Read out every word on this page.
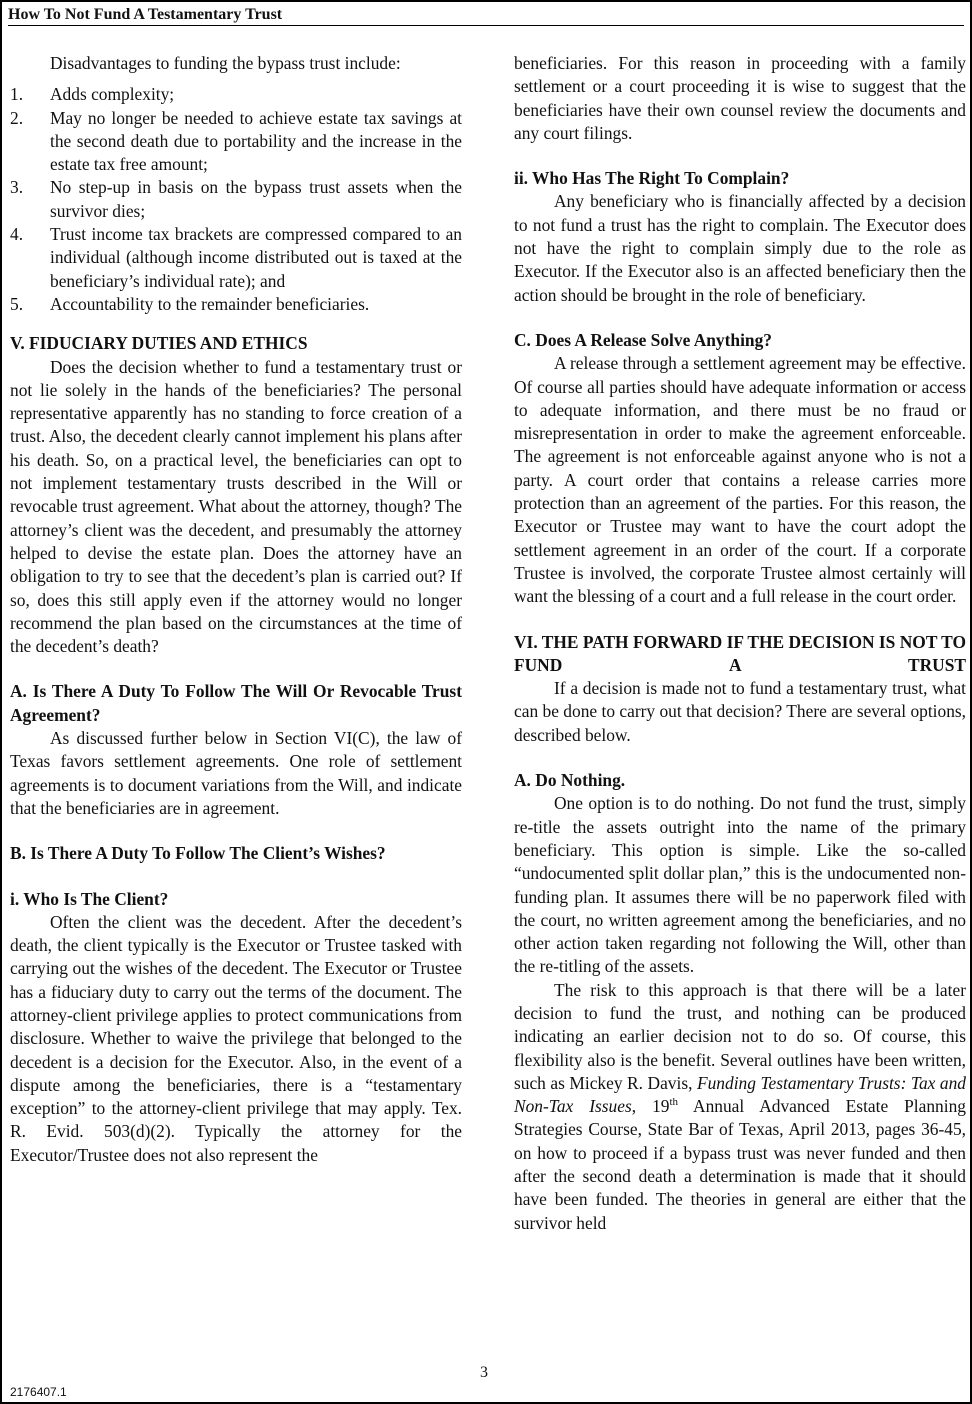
How To Not Fund A Testamentary Trust

Disadvantages to funding the bypass trust include:

1. Adds complexity;
2. May no longer be needed to achieve estate tax savings at the second death due to portability and the increase in the estate tax free amount;
3. No step-up in basis on the bypass trust assets when the survivor dies;
4. Trust income tax brackets are compressed compared to an individual (although income distributed out is taxed at the beneficiary’s individual rate); and
5. Accountability to the remainder beneficiaries.
V. FIDUCIARY DUTIES AND ETHICS

Does the decision whether to fund a testamentary trust or not lie solely in the hands of the beneficiaries? The personal representative apparently has no standing to force creation of a trust. Also, the decedent clearly cannot implement his plans after his death. So, on a practical level, the beneficiaries can opt to not implement testamentary trusts described in the Will or revocable trust agreement. What about the attorney, though? The attorney’s client was the decedent, and presumably the attorney helped to devise the estate plan. Does the attorney have an obligation to try to see that the decedent’s plan is carried out? If so, does this still apply even if the attorney would no longer recommend the plan based on the circumstances at the time of the decedent’s death?

A. Is There A Duty To Follow The Will Or Revocable Trust Agreement?

As discussed further below in Section VI(C), the law of Texas favors settlement agreements. One role of settlement agreements is to document variations from the Will, and indicate that the beneficiaries are in agreement.

B. Is There A Duty To Follow The Client’s Wishes?
i. Who Is The Client?

Often the client was the decedent. After the decedent’s death, the client typically is the Executor or Trustee tasked with carrying out the wishes of the decedent. The Executor or Trustee has a fiduciary duty to carry out the terms of the document. The attorney-client privilege applies to protect communications from disclosure. Whether to waive the privilege that belonged to the decedent is a decision for the Executor. Also, in the event of a dispute among the beneficiaries, there is a “testamentary exception” to the attorney-client privilege that may apply. Tex. R. Evid. 503(d)(2). Typically the attorney for the Executor/Trustee does not also represent the

beneficiaries. For this reason in proceeding with a family settlement or a court proceeding it is wise to suggest that the beneficiaries have their own counsel review the documents and any court filings.

ii. Who Has The Right To Complain?

Any beneficiary who is financially affected by a decision to not fund a trust has the right to complain. The Executor does not have the right to complain simply due to the role as Executor. If the Executor also is an affected beneficiary then the action should be brought in the role of beneficiary.

C. Does A Release Solve Anything?

A release through a settlement agreement may be effective. Of course all parties should have adequate information or access to adequate information, and there must be no fraud or misrepresentation in order to make the agreement enforceable. The agreement is not enforceable against anyone who is not a party. A court order that contains a release carries more protection than an agreement of the parties. For this reason, the Executor or Trustee may want to have the court adopt the settlement agreement in an order of the court. If a corporate Trustee is involved, the corporate Trustee almost certainly will want the blessing of a court and a full release in the court order.

VI. THE PATH FORWARD IF THE DECISION IS NOT TO FUND A TRUST

If a decision is made not to fund a testamentary trust, what can be done to carry out that decision? There are several options, described below.

A. Do Nothing.

One option is to do nothing. Do not fund the trust, simply re-title the assets outright into the name of the primary beneficiary. This option is simple. Like the so-called “undocumented split dollar plan,” this is the undocumented non-funding plan. It assumes there will be no paperwork filed with the court, no written agreement among the beneficiaries, and no other action taken regarding not following the Will, other than the re-titling of the assets.

The risk to this approach is that there will be a later decision to fund the trust, and nothing can be produced indicating an earlier decision not to do so. Of course, this flexibility also is the benefit. Several outlines have been written, such as Mickey R. Davis, Funding Testamentary Trusts: Tax and Non-Tax Issues, 19th Annual Advanced Estate Planning Strategies Course, State Bar of Texas, April 2013, pages 36-45, on how to proceed if a bypass trust was never funded and then after the second death a determination is made that it should have been funded. The theories in general are either that the survivor held

3
2176407.1
